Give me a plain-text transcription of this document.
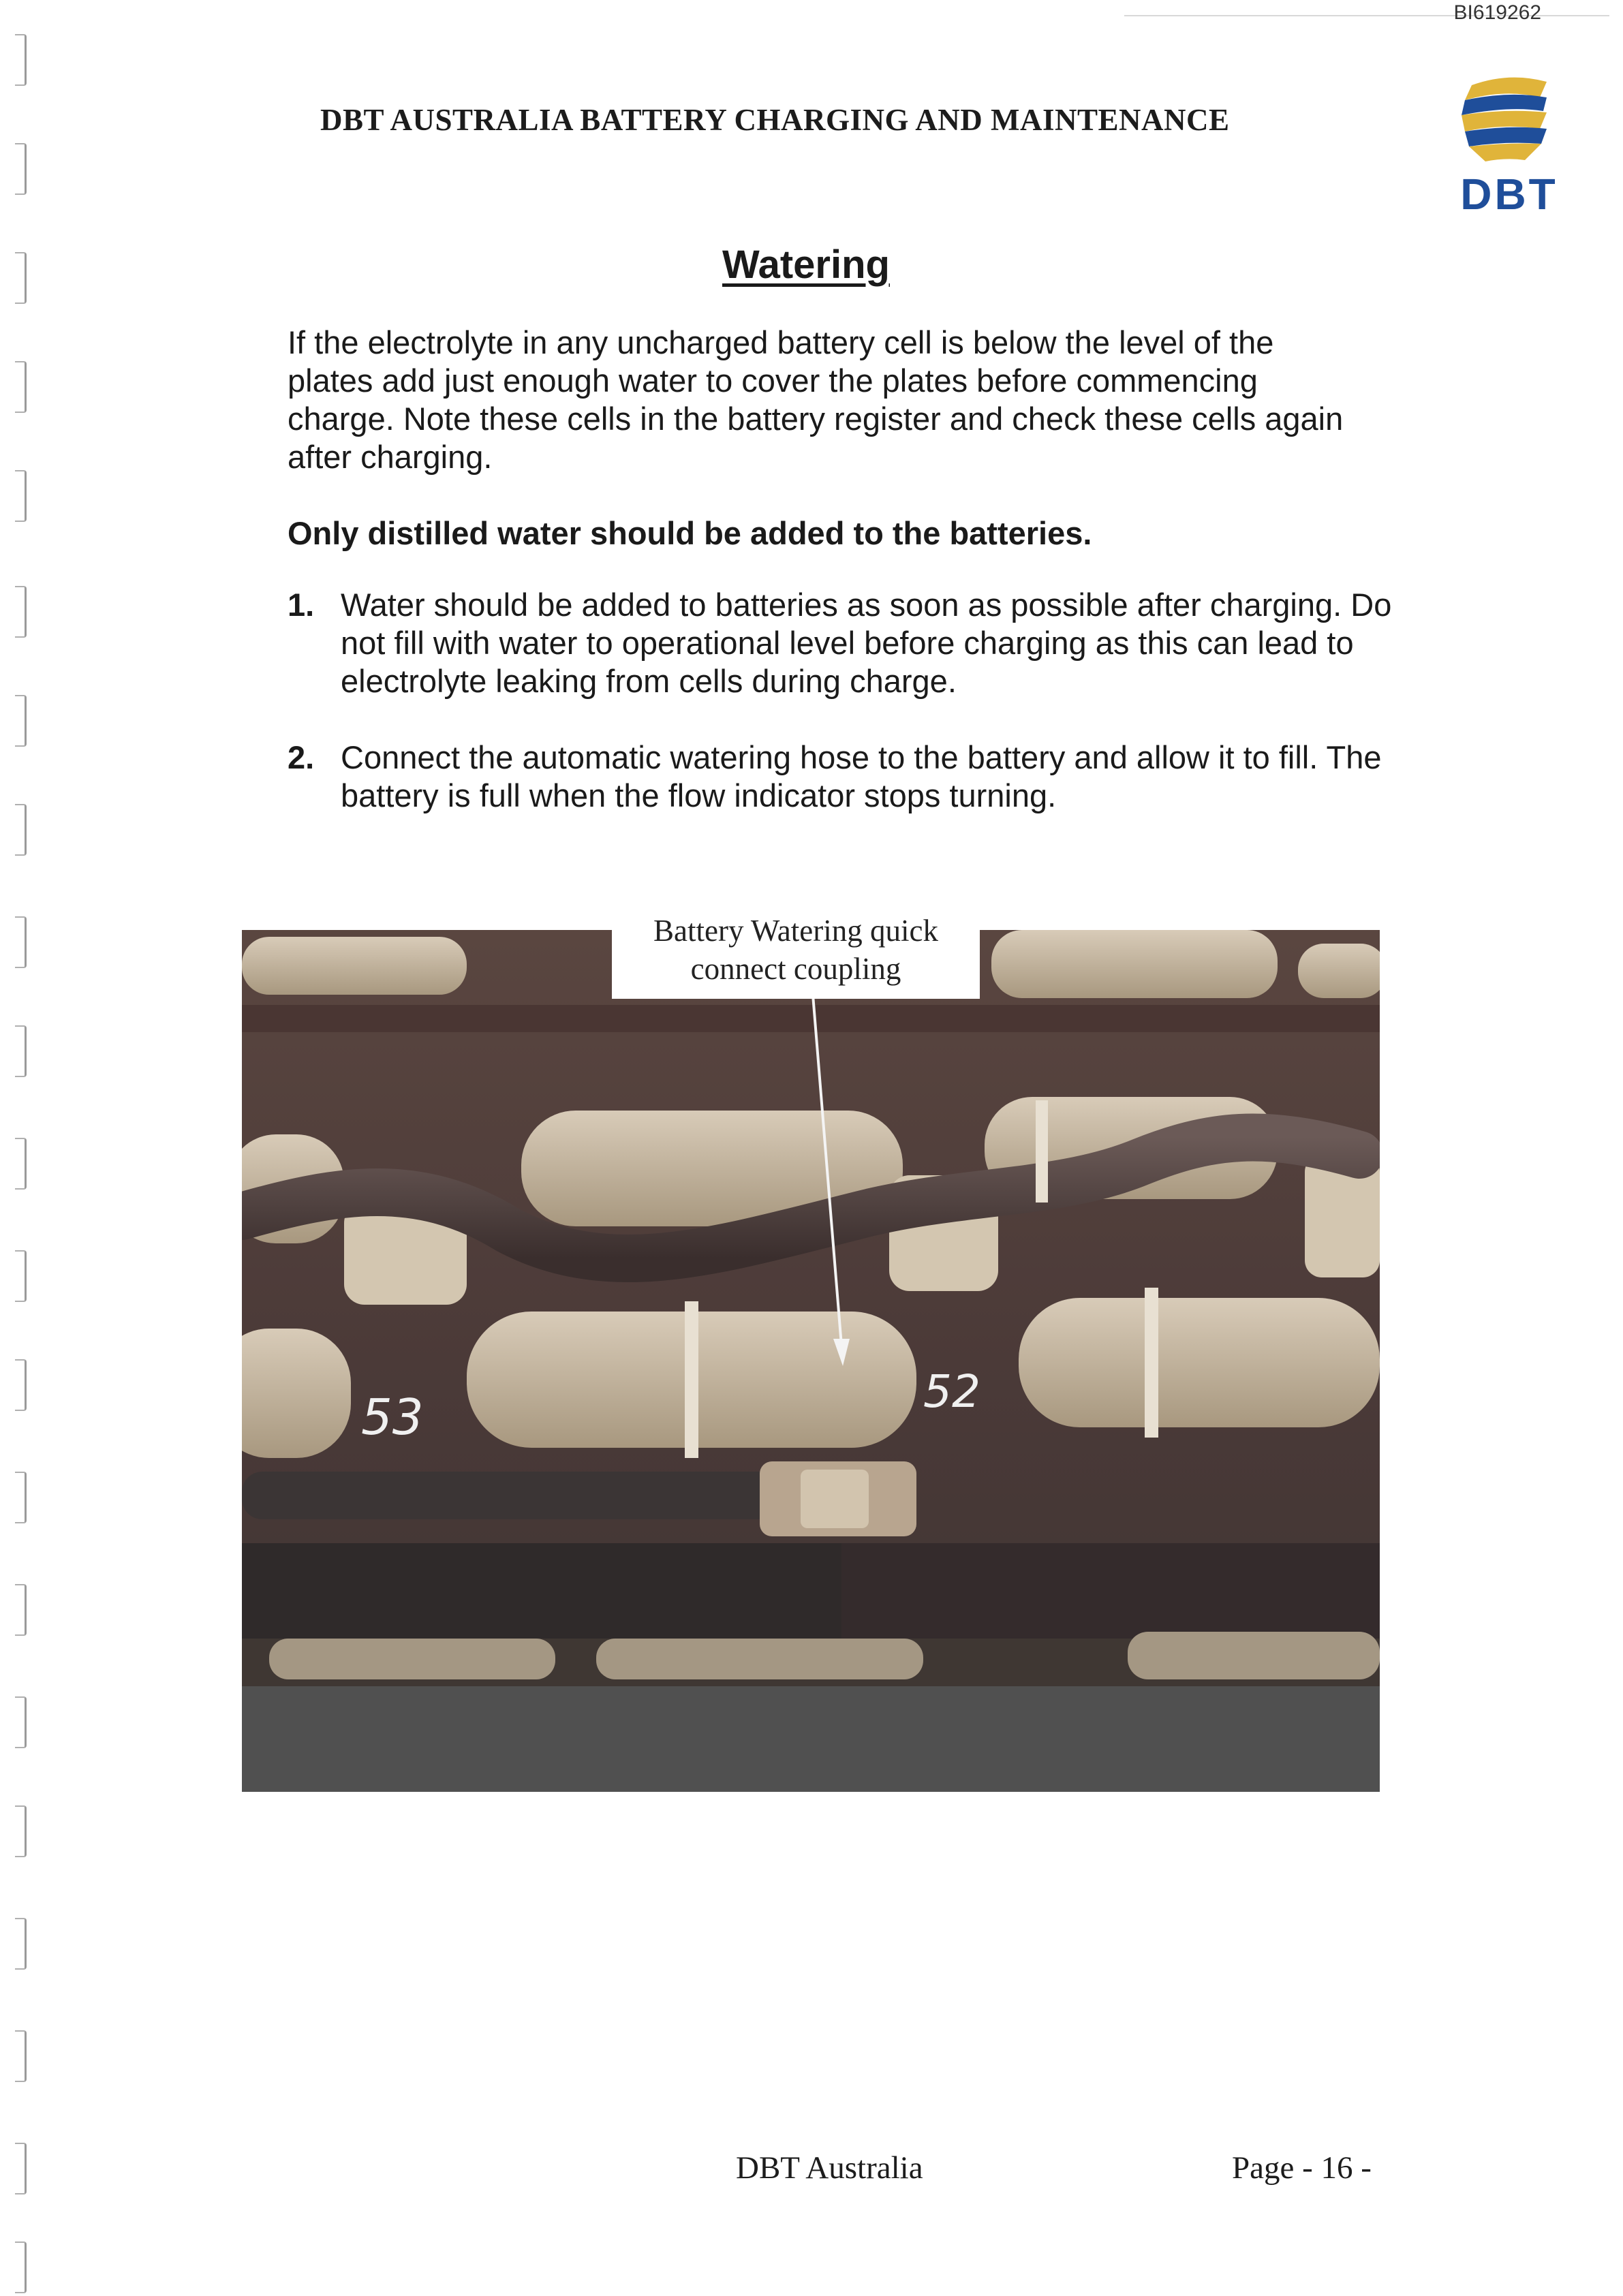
BI619262
DBT AUSTRALIA BATTERY CHARGING AND MAINTENANCE
DBT
Watering

If the electrolyte in any uncharged battery cell is below the level of the plates add just enough water to cover the plates before commencing charge. Note these cells in the battery register and check these cells again after charging.

Only distilled water should be added to the batteries.

1. Water should be added to batteries as soon as possible after charging. Do not fill with water to operational level before charging as this can lead to electrolyte leaking from cells during charge.
2. Connect the automatic watering hose to the battery and allow it to fill. The battery is full when the flow indicator stops turning.
53	52
Battery Watering quick connect coupling
DBT Australia	Page - 16 -
